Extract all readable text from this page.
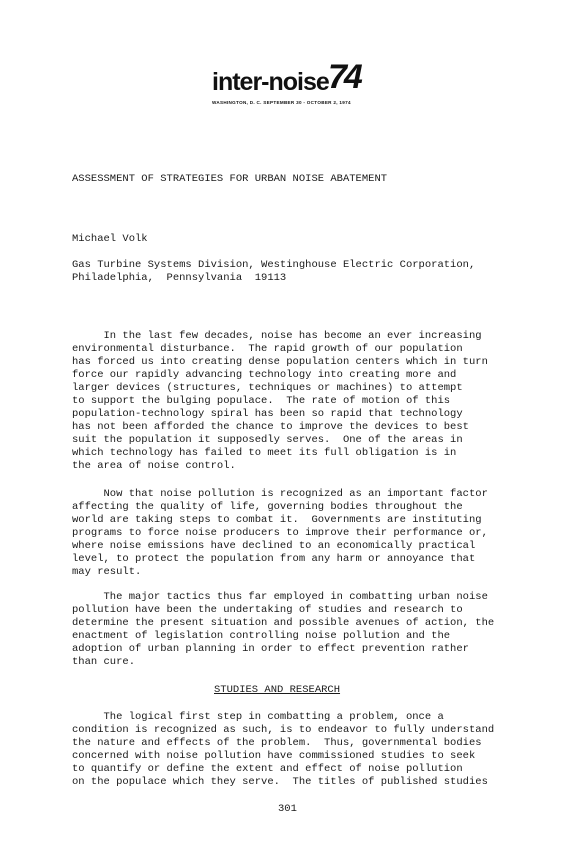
inter-noise 74
WASHINGTON, D. C. SEPTEMBER 30 - OCTOBER 2, 1974
ASSESSMENT OF STRATEGIES FOR URBAN NOISE ABATEMENT
Michael Volk
Gas Turbine Systems Division, Westinghouse Electric Corporation,
Philadelphia,  Pennsylvania  19113
In the last few decades, noise has become an ever increasing
environmental disturbance.  The rapid growth of our population
has forced us into creating dense population centers which in turn
force our rapidly advancing technology into creating more and
larger devices (structures, techniques or machines) to attempt
to support the bulging populace.  The rate of motion of this
population-technology spiral has been so rapid that technology
has not been afforded the chance to improve the devices to best
suit the population it supposedly serves.  One of the areas in
which technology has failed to meet its full obligation is in
the area of noise control.
Now that noise pollution is recognized as an important factor
affecting the quality of life, governing bodies throughout the
world are taking steps to combat it.  Governments are instituting
programs to force noise producers to improve their performance or,
where noise emissions have declined to an economically practical
level, to protect the population from any harm or annoyance that
may result.
The major tactics thus far employed in combatting urban noise
pollution have been the undertaking of studies and research to
determine the present situation and possible avenues of action, the
enactment of legislation controlling noise pollution and the
adoption of urban planning in order to effect prevention rather
than cure.
STUDIES AND RESEARCH
The logical first step in combatting a problem, once a
condition is recognized as such, is to endeavor to fully understand
the nature and effects of the problem.  Thus, governmental bodies
concerned with noise pollution have commissioned studies to seek
to quantify or define the extent and effect of noise pollution
on the populace which they serve.  The titles of published studies
301
